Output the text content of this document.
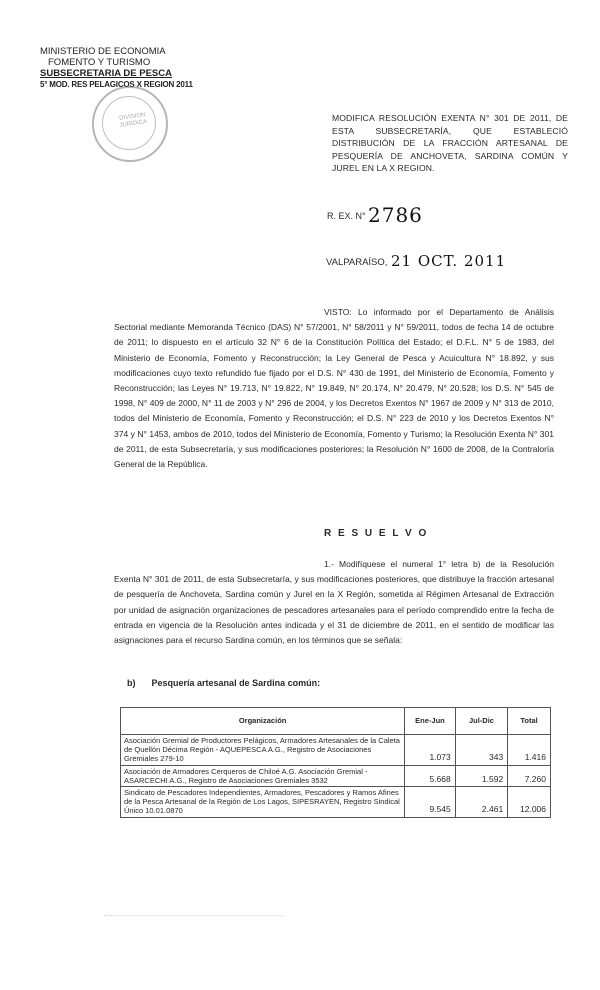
MINISTERIO DE ECONOMIA
FOMENTO Y TURISMO
SUBSECRETARIA DE PESCA
5° MOD. RES PELAGICOS X REGION 2011
DIVISION JURIDICA
MODIFICA RESOLUCIÓN EXENTA N° 301 DE 2011, DE ESTA SUBSECRETARÍA, QUE ESTABLECIÓ DISTRIBUCIÓN DE LA FRACCIÓN ARTESANAL DE PESQUERÍA DE ANCHOVETA, SARDINA COMÚN Y JUREL EN LA X REGION.
R. EX. N° 2786
VALPARAÍSO, 21 OCT. 2011
VISTO: Lo informado por el Departamento de Análisis Sectorial mediante Memoranda Técnico (DAS) N° 57/2001, N° 58/2011 y N° 59/2011, todos de fecha 14 de octubre de 2011; lo dispuesto en el artículo 32 N° 6 de la Constitución Política del Estado; el D.F.L. N° 5 de 1983, del Ministerio de Economía, Fomento y Reconstrucción; la Ley General de Pesca y Acuicultura N° 18.892, y sus modificaciones cuyo texto refundido fue fijado por el D.S. N° 430 de 1991, del Ministerio de Economía, Fomento y Reconstrucción; las Leyes N° 19.713, N° 19.822, N° 19.849, N° 20.174, N° 20.479, N° 20.528; los D.S. N° 545 de 1998, N° 409 de 2000, N° 11 de 2003 y N° 296 de 2004, y los Decretos Exentos N° 1967 de 2009 y N° 313 de 2010, todos del Ministerio de Economía, Fomento y Reconstrucción; el D.S. N° 223 de 2010 y los Decretos Exentos N° 374 y N° 1453, ambos de 2010, todos del Ministerio de Economía, Fomento y Turismo; la Resolución Exenta N° 301 de 2011, de esta Subsecretaría, y sus modificaciones posteriores; la Resolución N° 1600 de 2008, de la Contraloría General de la República.
R E S U E L V O
1.- Modifíquese el numeral 1° letra b) de la Resolución Exenta N° 301 de 2011, de esta Subsecretaría, y sus modificaciones posteriores, que distribuye la fracción artesanal de pesquería de Anchoveta, Sardina común y Jurel en la X Región, sometida al Régimen Artesanal de Extracción por unidad de asignación organizaciones de pescadores artesanales para el período comprendido entre la fecha de entrada en vigencia de la Resolución antes indicada y el 31 de diciembre de 2011, en el sentido de modificar las asignaciones para el recurso Sardina común, en los términos que se señala:
b) Pesquería artesanal de Sardina común:
Organización	Ene-Jun	Jul-Dic	Total
Asociación Gremial de Productores Pelágicos, Armadores Artesanales de la Caleta de Quellón Décima Región - AQUEPESCA A.G., Registro de Asociaciones Gremiales 279-10	1.073	343	1.416
Asociación de Armadores Cerqueros de Chiloé A.G. Asociación Gremial - ASARCECHI A.G., Registro de Asociaciones Gremiales 3532	5.668	1.592	7.260
Sindicato de Pescadores Independientes, Armadores, Pescadores y Ramos Afines de la Pesca Artesanal de la Región de Los Lagos, SIPESRAYEN, Registro Sindical Único 10.01.0870	9.545	2.461	12.006
